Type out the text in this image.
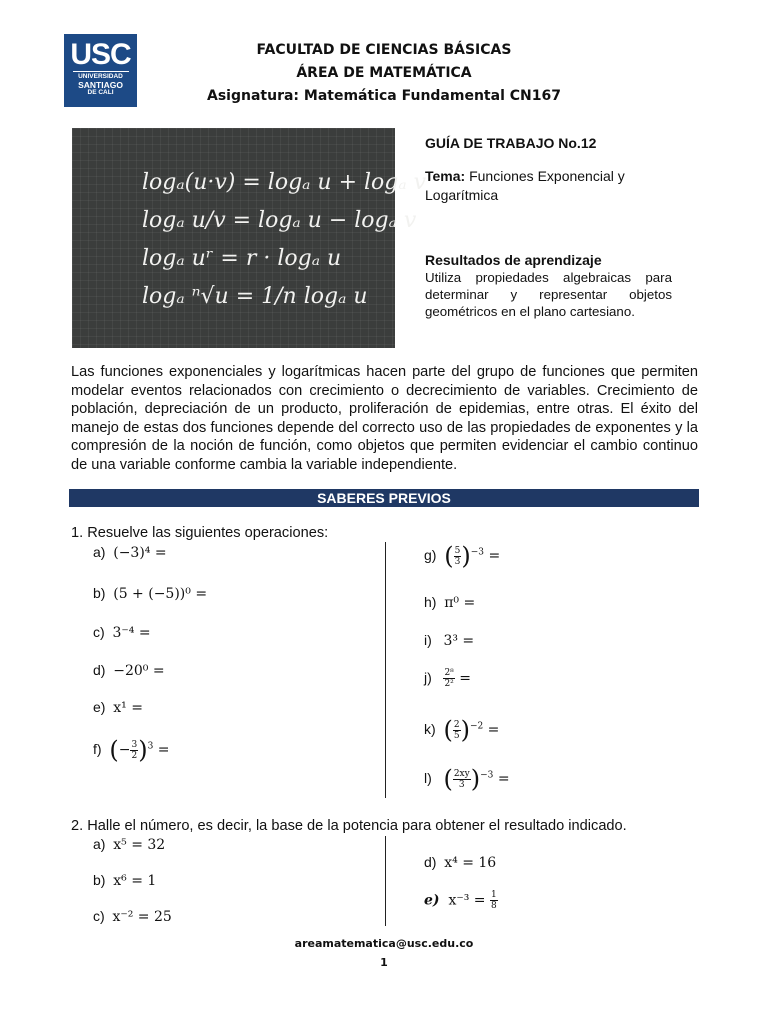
USC
UNIVERSIDAD
SANTIAGO
DE CALI
FACULTAD DE CIENCIAS BÁSICAS
ÁREA DE MATEMÁTICA
Asignatura: Matemática Fundamental CN167
logₐ(u·v) = logₐ u + logₐ v
logₐ u/v = logₐ u − logₐ v
logₐ uʳ = r · logₐ u
logₐ ⁿ√u = 1/n logₐ u
GUÍA DE TRABAJO No.12
Tema: Funciones Exponencial y Logarítmica
Resultados de aprendizaje
Utiliza propiedades algebraicas para determinar y representar objetos geométricos en el plano cartesiano.
Las funciones exponenciales y logarítmicas hacen parte del grupo de funciones que permiten modelar eventos relacionados con crecimiento o decrecimiento de variables. Crecimiento de población, depreciación de un producto, proliferación de epidemias, entre otras. El éxito del manejo de estas dos funciones depende del correcto uso de las propiedades de exponentes y la compresión de la noción de función, como objetos que permiten evidenciar el cambio continuo de una variable conforme cambia la variable independiente.
SABERES PREVIOS
1. Resuelve las siguientes operaciones:
a)  (−3)⁴ =
b)  (5 + (−5))⁰ =
c)  3⁻⁴ =
d)  −20⁰ =
e)  x¹ =
f)  (− $\frac{3}{2} )^3$ =
g)  ( $\frac{5}{3} )^{-3}$ =
h)  π⁰ =
i)   3³ =
$j) \frac{\text{2⁸}}{\text{2²}}$ =
k)  ( $\frac{2}{5} )^{-2}$ =
l)   ( $\frac{2xy}{3} )^{-3}$ =
2. Halle el número, es decir, la base de la potencia para obtener el resultado indicado.
a)  x⁵ = 32
b)  x⁶ = 1
c)  x⁻² = 25
d)  x⁴ = 16
e) $x^{-3} = \frac{1}{8}$
areamatematica@usc.edu.co
1
